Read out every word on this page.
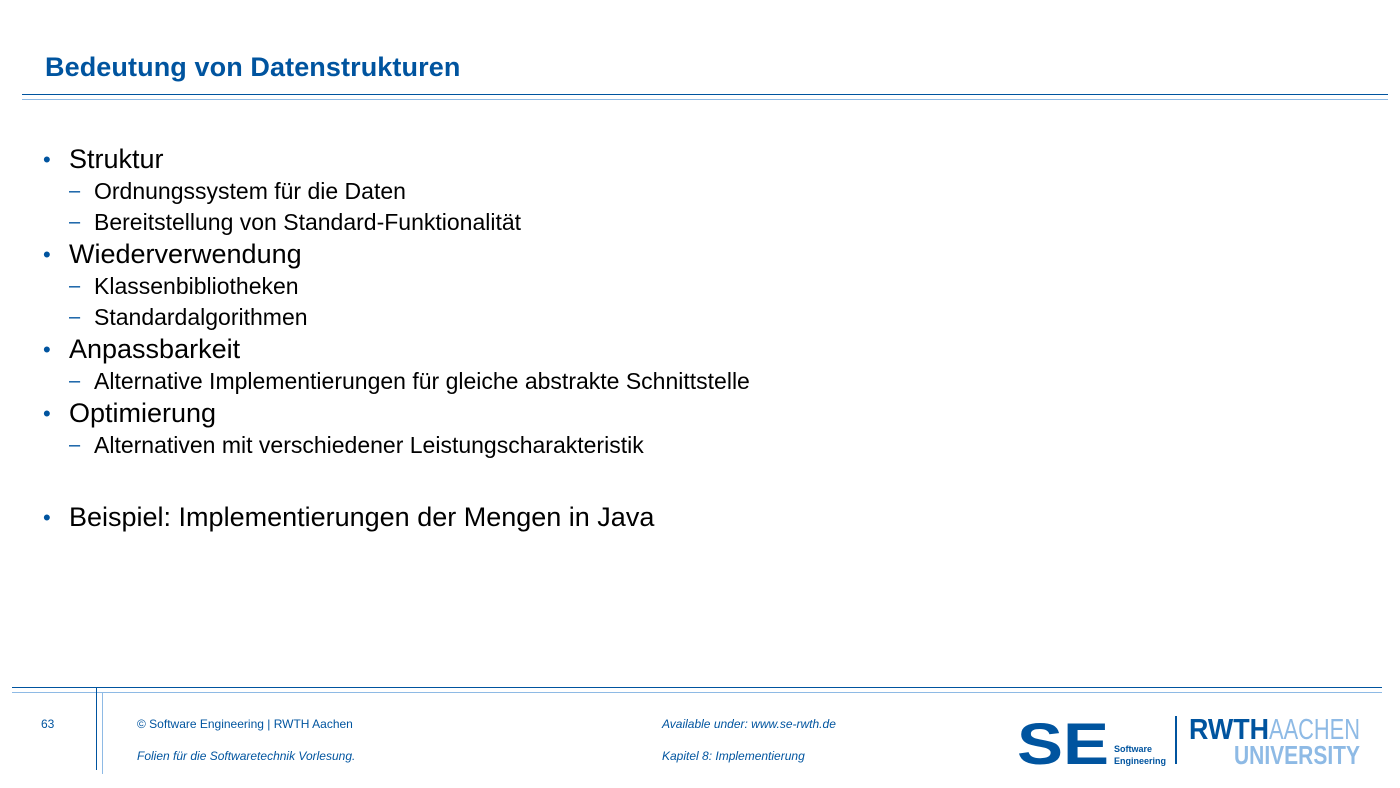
Bedeutung von Datenstrukturen
• Struktur
– Ordnungssystem für die Daten
– Bereitstellung von Standard-Funktionalität
• Wiederverwendung
– Klassenbibliotheken
– Standardalgorithmen
• Anpassbarkeit
– Alternative Implementierungen für gleiche abstrakte Schnittstelle
• Optimierung
– Alternativen mit verschiedener Leistungscharakteristik
• Beispiel: Implementierungen der Mengen in Java
63	© Software Engineering | RWTH Aachen
Folien für die Softwaretechnik Vorlesung.
Available under: www.se-rwth.de
Kapitel 8: Implementierung	SE Software
Engineering
RWTH AACHEN
UNIVERSITY
